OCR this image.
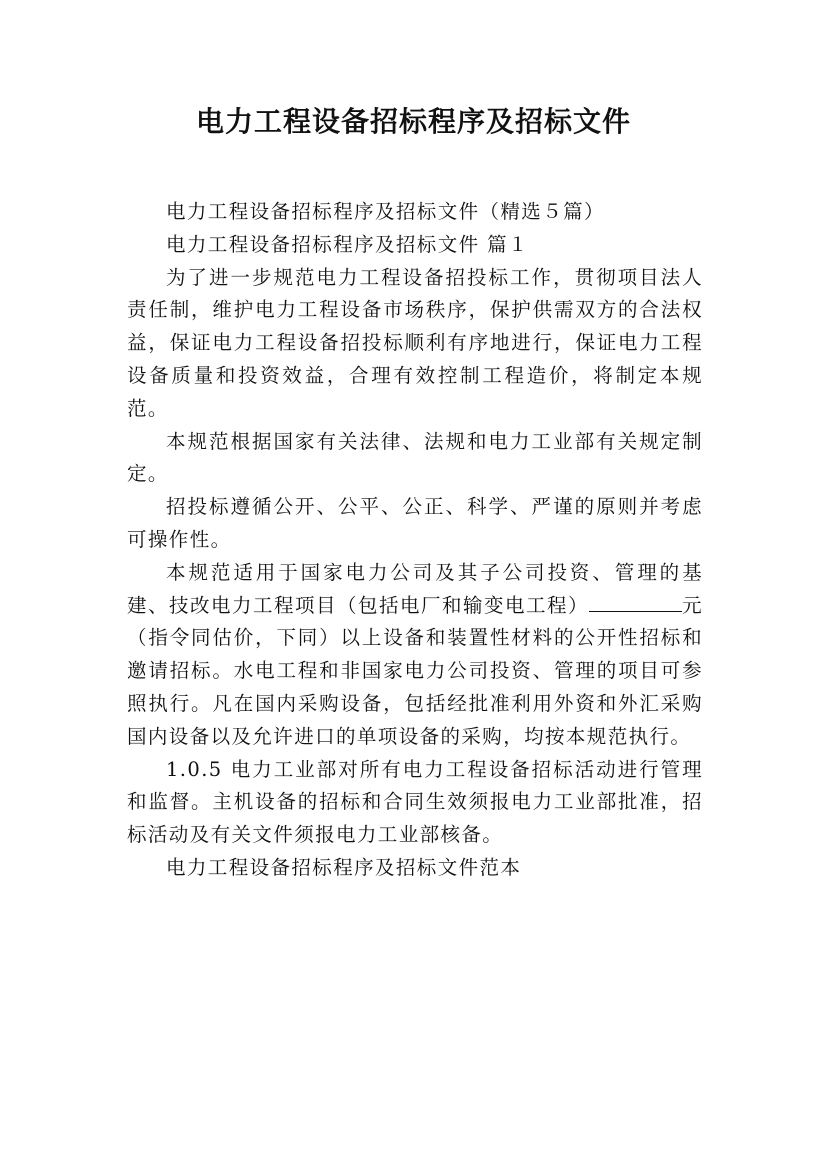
电力工程设备招标程序及招标文件

电力工程设备招标程序及招标文件（精选５篇）

电力工程设备招标程序及招标文件 篇１

为了进一步规范电力工程设备招投标工作，贯彻项目法人责任制，维护电力工程设备市场秩序，保护供需双方的合法权益，保证电力工程设备招投标顺利有序地进行，保证电力工程设备质量和投资效益，合理有效控制工程造价，将制定本规范。

本规范根据国家有关法律、法规和电力工业部有关规定制定。

招投标遵循公开、公平、公正、科学、严谨的原则并考虑可操作性。

本规范适用于国家电力公司及其子公司投资、管理的基建、技改电力工程项目（包括电厂和输变电工程）	元（指令同估价，下同）以上设备和装置性材料的公开性招标和邀请招标。水电工程和非国家电力公司投资、管理的项目可参照执行。凡在国内采购设备，包括经批准利用外资和外汇采购国内设备以及允许进口的单项设备的采购，均按本规范执行。

1.0.5 电力工业部对所有电力工程设备招标活动进行管理和监督。主机设备的招标和合同生效须报电力工业部批准，招标活动及有关文件须报电力工业部核备。

电力工程设备招标程序及招标文件范本
